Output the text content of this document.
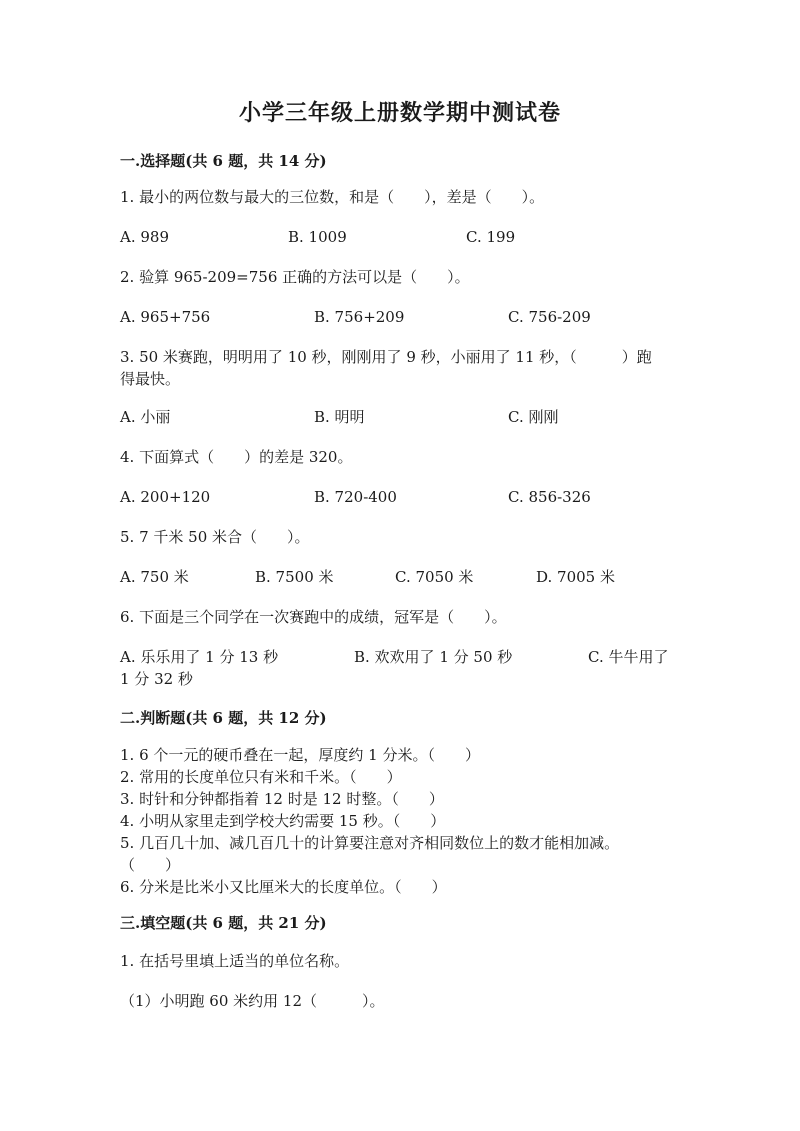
小学三年级上册数学期中测试卷
一.选择题(共 6 题，共 14 分)
1. 最小的两位数与最大的三位数，和是（　　），差是（　　）。
A. 989	B. 1009	C. 199
2. 验算 965-209=756 正确的方法可以是（　　）。
A. 965+756	B. 756+209	C. 756-209
3. 50 米赛跑，明明用了 10 秒，刚刚用了 9 秒，小丽用了 11 秒，（　　　）跑
得最快。
A. 小丽	B. 明明	C. 刚刚
4. 下面算式（　　）的差是 320。
A. 200+120	B. 720-400	C. 856-326
5. 7 千米 50 米合（　　）。
A. 750 米	B. 7500 米	C. 7050 米	D. 7005 米
6. 下面是三个同学在一次赛跑中的成绩，冠军是（　　）。
A. 乐乐用了 1 分 13 秒	B. 欢欢用了 1 分 50 秒	C. 牛牛用了
1 分 32 秒
二.判断题(共 6 题，共 12 分)
1. 6 个一元的硬币叠在一起，厚度约 1 分米。（　　）
2. 常用的长度单位只有米和千米。（　　）
3. 时针和分钟都指着 12 时是 12 时整。（　　）
4. 小明从家里走到学校大约需要 15 秒。（　　）
5. 几百几十加、减几百几十的计算要注意对齐相同数位上的数才能相加减。
（　　）
6. 分米是比米小又比厘米大的长度单位。（　　）
三.填空题(共 6 题，共 21 分)
1. 在括号里填上适当的单位名称。
（1）小明跑 60 米约用 12（　　　）。
